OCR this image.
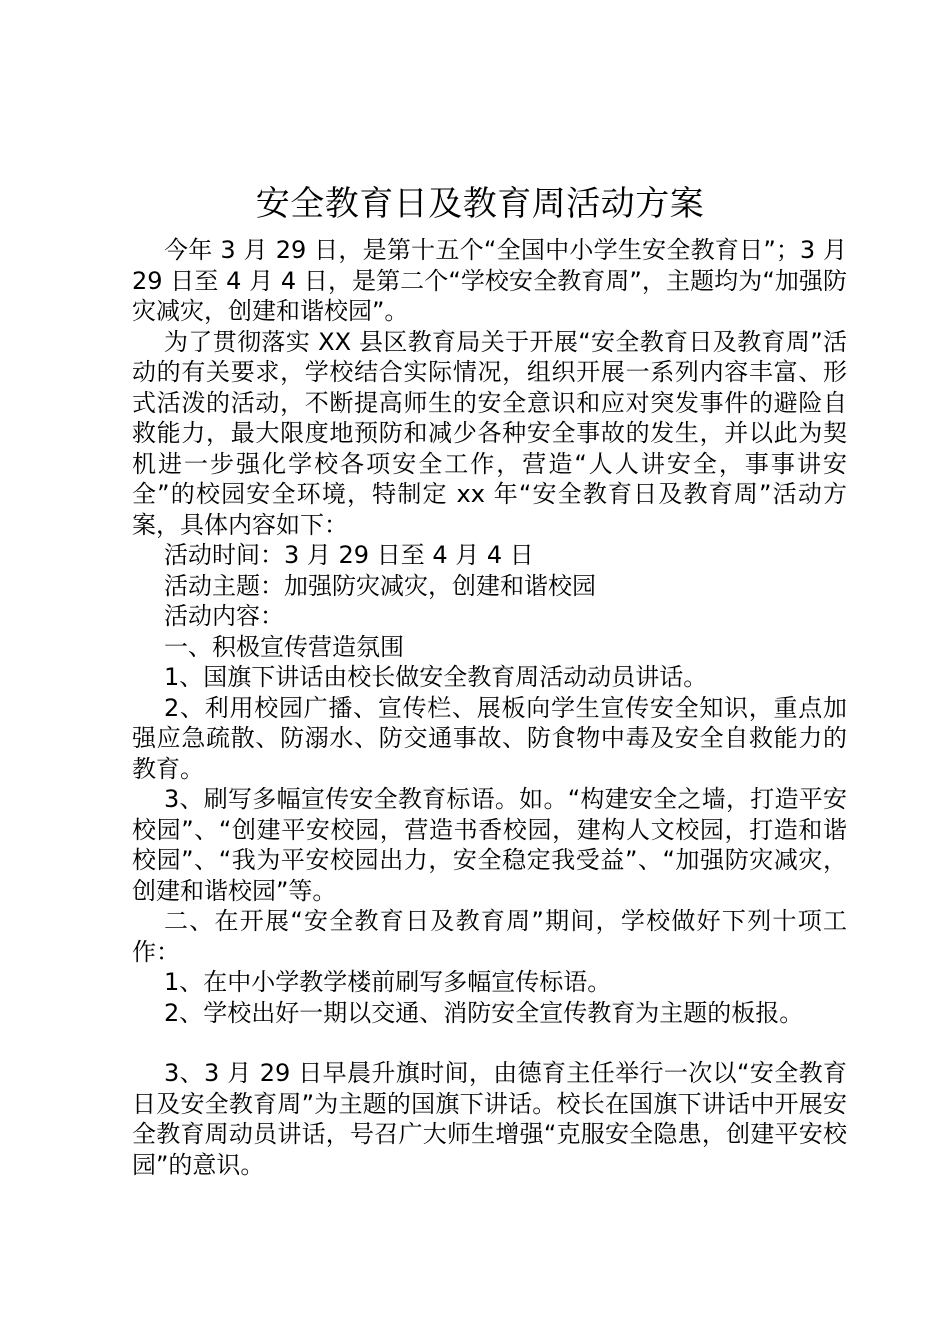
安全教育日及教育周活动方案

今年 3 月 29 日，是第十五个“全国中小学生安全教育日”；3 月 29 日至 4 月 4 日，是第二个“学校安全教育周”，主题均为“加强防灾减灾，创建和谐校园”。

为了贯彻落实 XX 县区教育局关于开展“安全教育日及教育周”活动的有关要求，学校结合实际情况，组织开展一系列内容丰富、形式活泼的活动，不断提高师生的安全意识和应对突发事件的避险自救能力，最大限度地预防和减少各种安全事故的发生，并以此为契机进一步强化学校各项安全工作，营造“人人讲安全，事事讲安全”的校园安全环境，特制定 xx 年“安全教育日及教育周”活动方案，具体内容如下：

活动时间：3 月 29 日至 4 月 4 日

活动主题：加强防灾减灾，创建和谐校园

活动内容：

一、积极宣传营造氛围

1、国旗下讲话由校长做安全教育周活动动员讲话。

2、利用校园广播、宣传栏、展板向学生宣传安全知识，重点加强应急疏散、防溺水、防交通事故、防食物中毒及安全自救能力的教育。

3、刷写多幅宣传安全教育标语。如。“构建安全之墙，打造平安校园”、“创建平安校园，营造书香校园，建构人文校园，打造和谐校园”、“我为平安校园出力，安全稳定我受益”、“加强防灾减灾，创建和谐校园”等。

二、在开展“安全教育日及教育周”期间，学校做好下列十项工作：

1、在中小学教学楼前刷写多幅宣传标语。

2、学校出好一期以交通、消防安全宣传教育为主题的板报。

3、3 月 29 日早晨升旗时间，由德育主任举行一次以“安全教育日及安全教育周”为主题的国旗下讲话。校长在国旗下讲话中开展安全教育周动员讲话，号召广大师生增强“克服安全隐患，创建平安校园”的意识。
